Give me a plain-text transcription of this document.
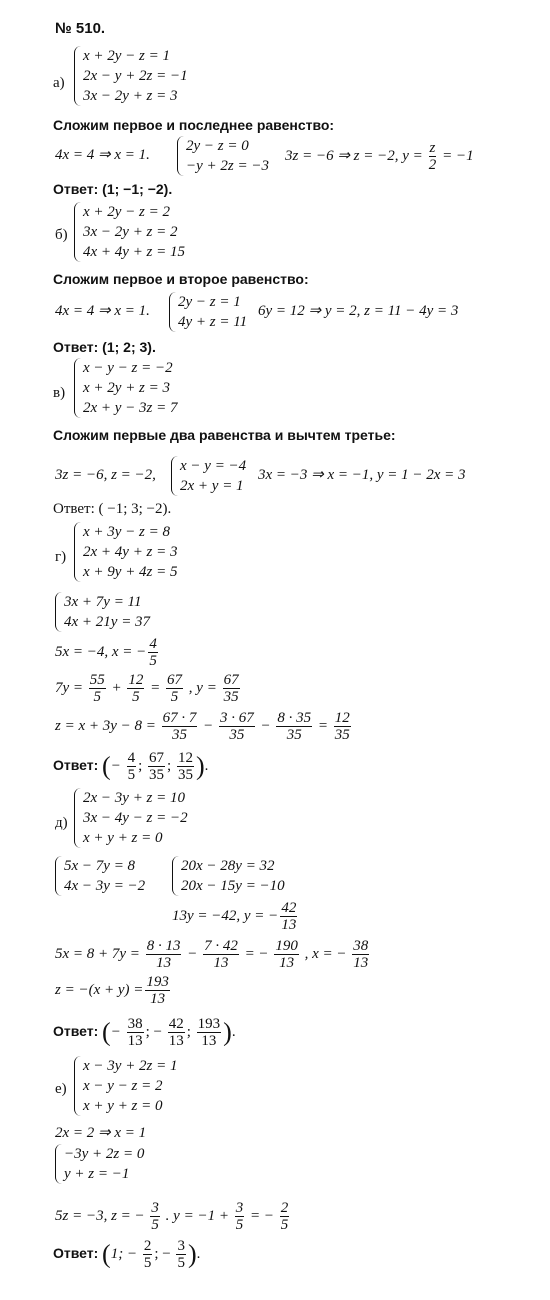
№ 510.
а)
x + 2y − z = 1
2x − y + 2z = −1
3x − 2y + z = 3
Сложим первое и последнее равенство:
4x = 4 ⇒ x = 1.
2y − z = 0
−y + 2z = −3
3z = −6 ⇒ z = −2, $y = \frac{z}{2} = -1$
Ответ: (1; −1; −2).
б)
x + 2y − z = 2
3x − 2y + z = 2
4x + 4y + z = 15
Сложим первое и второе равенство:
4x = 4 ⇒ x = 1.
2y − z = 1
4y + z = 11
6y = 12 ⇒ y = 2, z = 11 − 4y = 3
Ответ: (1; 2; 3).
в)
x − y − z = −2
x + 2y + z = 3
2x + y − 3z = 7
Сложим первые два равенства и вычтем третье:
3z = −6, z = −2,
x − y = −4
2x + y = 1
3x = −3 ⇒ x = −1, y = 1 − 2x = 3
Ответ: ( −1; 3; −2).
г)
x + 3y − z = 8
2x + 4y + z = 3
x + 9y + 4z = 5
3x + 7y = 11
4x + 21y = 37
5x = −4, x = − $\frac{4}{5}$
$7y = \frac{55}{5} + \frac{12}{5} = \frac{67}{5}$ , $y = \frac{67}{35}$
$z = x + 3y - 8 = \frac{67 \cdot 7}{35} - \frac{3 \cdot 67}{35} - \frac{8 \cdot 35}{35} = \frac{12}{35}$
Ответ: (− $\frac{4}{5}$ ; $\frac{67}{35}$ ; $\frac{12}{35}$ ).
д)
2x − 3y + z = 10
3x − 4y − z = −2
x + y + z = 0
5x − 7y = 8
4x − 3y = −2
20x − 28y = 32
20x − 15y = −10
13y = −42, y = − $\frac{42}{13}$
$5x = 8 + 7y = \frac{8 \cdot 13}{13} - \frac{7 \cdot 42}{13}$ = − $\frac{190}{13}$ , x = − $\frac{38}{13}$
$z = -(x + y) = \frac{193}{13}$
Ответ: (− $\frac{38}{13}$ ; − $\frac{42}{13}$ ; $\frac{193}{13}$ ).
е)
x − 3y + 2z = 1
x − y − z = 2
x + y + z = 0
2x = 2 ⇒ x = 1
−3y + 2z = 0
y + z = −1
5z = −3, z = − $\frac{3}{5}$ . $y = -1 + \frac{3}{5}$ = − $\frac{2}{5}$
Ответ: (1; − $\frac{2}{5}$ ; − $\frac{3}{5}$ ).
